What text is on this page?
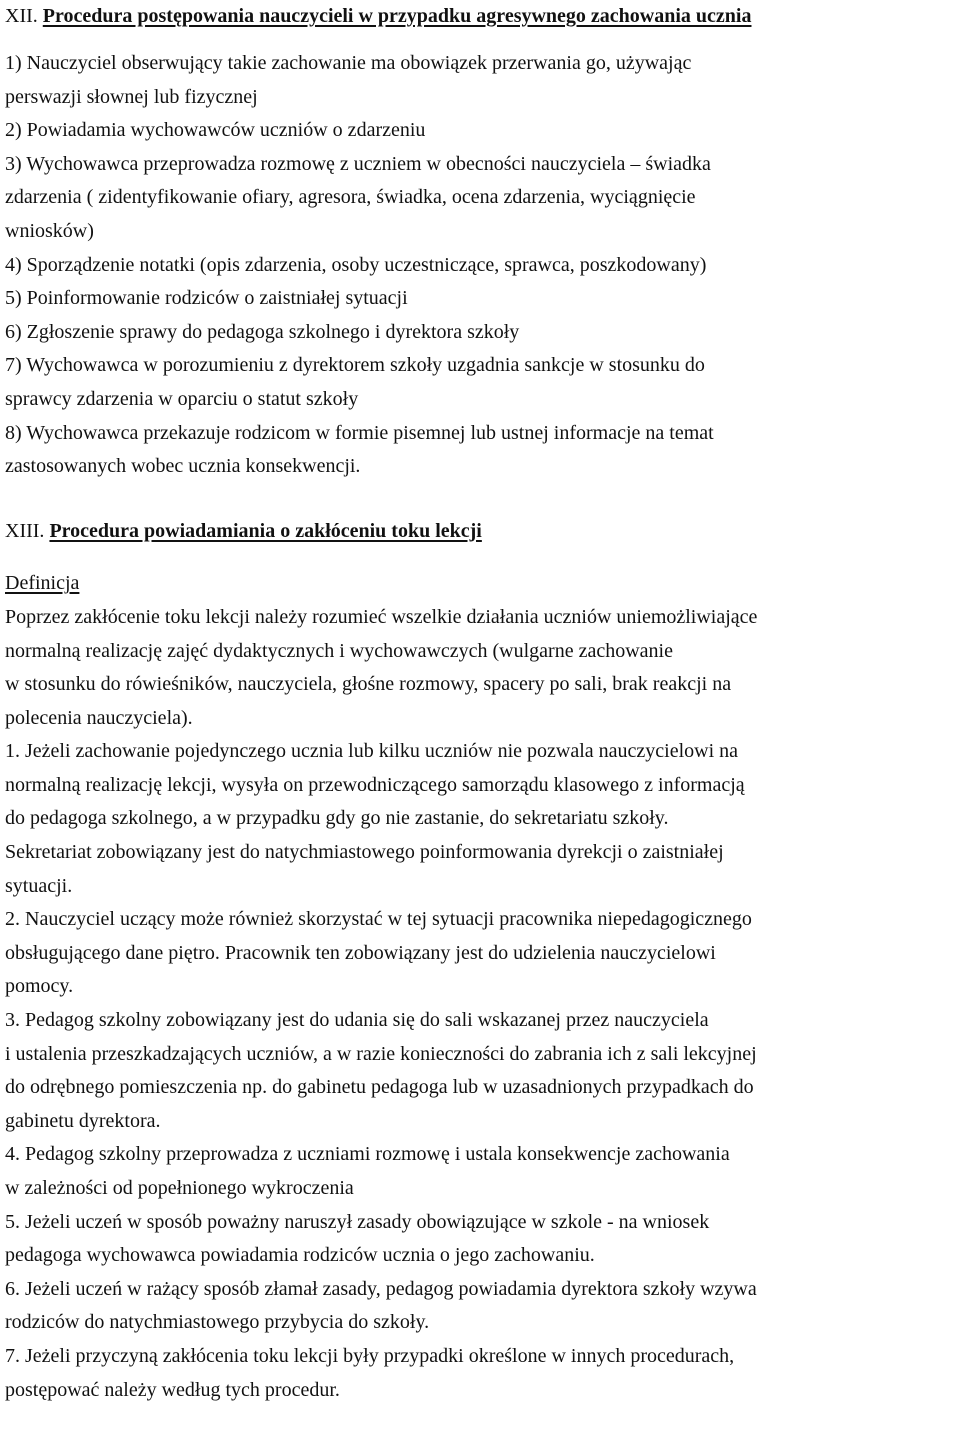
XII. Procedura postępowania nauczycieli w przypadku agresywnego zachowania ucznia
1) Nauczyciel obserwujący takie zachowanie ma obowiązek przerwania go, używając
perswazji słownej lub fizycznej
2) Powiadamia wychowawców uczniów o zdarzeniu
3) Wychowawca przeprowadza rozmowę z uczniem w obecności nauczyciela – świadka
zdarzenia ( zidentyfikowanie ofiary, agresora, świadka, ocena zdarzenia, wyciągnięcie
wniosków)
4) Sporządzenie notatki (opis zdarzenia, osoby uczestniczące, sprawca, poszkodowany)
5) Poinformowanie rodziców o zaistniałej sytuacji
6) Zgłoszenie sprawy do pedagoga szkolnego i dyrektora szkoły
7) Wychowawca w porozumieniu z dyrektorem szkoły uzgadnia sankcje w stosunku do
sprawcy zdarzenia w oparciu o statut szkoły
8) Wychowawca przekazuje rodzicom w formie pisemnej lub ustnej informacje na temat
zastosowanych wobec ucznia konsekwencji.
XIII. Procedura powiadamiania o zakłóceniu toku lekcji
Definicja
Poprzez zakłócenie toku lekcji należy rozumieć wszelkie działania uczniów uniemożliwiające
normalną realizację zajęć dydaktycznych i wychowawczych (wulgarne zachowanie
w stosunku do rówieśników, nauczyciela, głośne rozmowy, spacery po sali, brak reakcji na
polecenia nauczyciela).
1. Jeżeli zachowanie pojedynczego ucznia lub kilku uczniów nie pozwala nauczycielowi na
normalną realizację lekcji, wysyła on przewodniczącego samorządu klasowego z informacją
do pedagoga szkolnego, a w przypadku gdy go nie zastanie, do sekretariatu szkoły.
Sekretariat zobowiązany jest do natychmiastowego poinformowania dyrekcji o zaistniałej
sytuacji.
2. Nauczyciel uczący może również skorzystać w tej sytuacji pracownika niepedagogicznego
obsługującego dane piętro. Pracownik ten zobowiązany jest do udzielenia nauczycielowi
pomocy.
3. Pedagog szkolny zobowiązany jest do udania się do sali wskazanej przez nauczyciela
i ustalenia przeszkadzających uczniów, a w razie konieczności do zabrania ich z sali lekcyjnej
do odrębnego pomieszczenia np. do gabinetu pedagoga lub w uzasadnionych przypadkach do
gabinetu dyrektora.
4. Pedagog szkolny przeprowadza z uczniami rozmowę i ustala konsekwencje zachowania
w zależności od popełnionego wykroczenia
5. Jeżeli uczeń w sposób poważny naruszył zasady obowiązujące w szkole - na wniosek
pedagoga wychowawca powiadamia rodziców ucznia o jego zachowaniu.
6. Jeżeli uczeń w rażący sposób złamał zasady, pedagog powiadamia dyrektora szkoły wzywa
rodziców do natychmiastowego przybycia do szkoły.
7. Jeżeli przyczyną zakłócenia toku lekcji były przypadki określone w innych procedurach,
postępować należy według tych procedur.
